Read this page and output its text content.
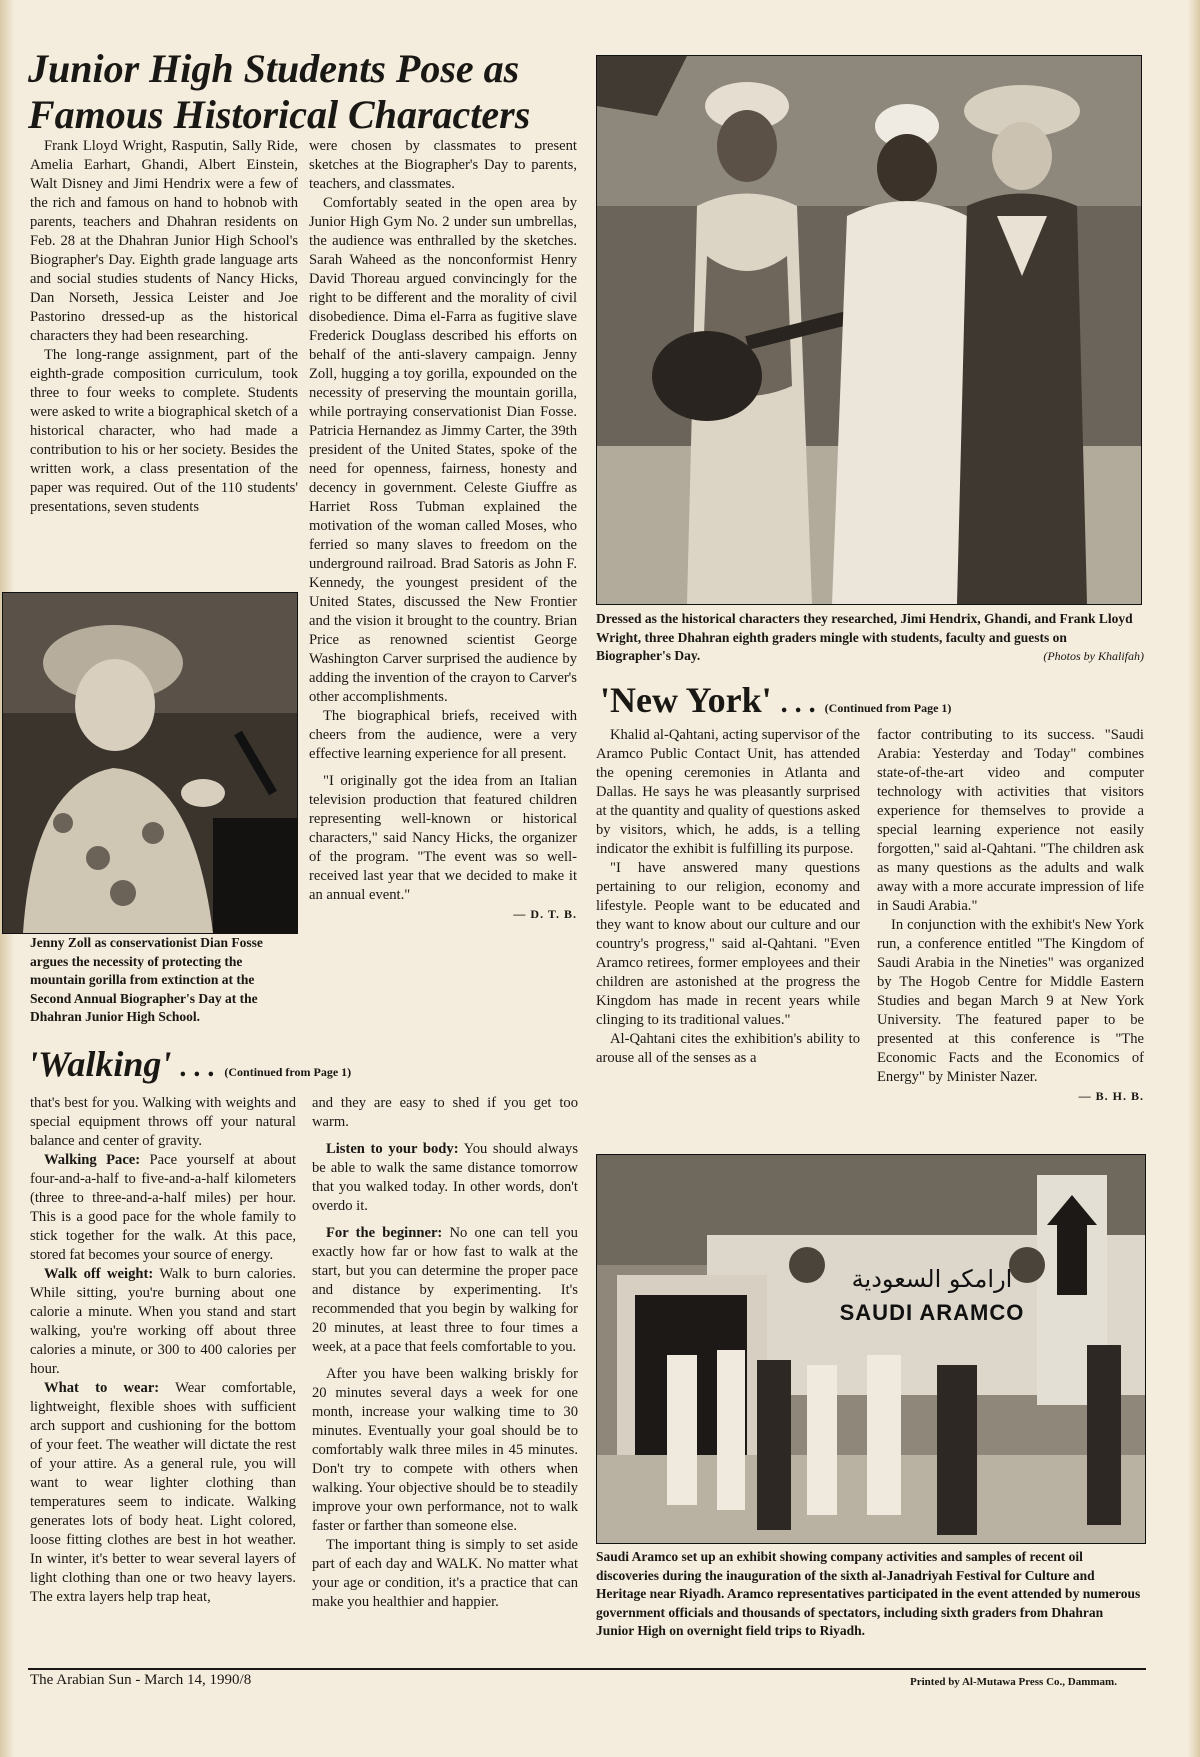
Junior High Students Pose as
Famous Historical Characters

Frank Lloyd Wright, Rasputin, Sally Ride, Amelia Earhart, Ghandi, Albert Einstein, Walt Disney and Jimi Hendrix were a few of the rich and famous on hand to hobnob with parents, teachers and Dhahran residents on Feb. 28 at the Dhahran Junior High School's Biographer's Day. Eighth grade language arts and social studies students of Nancy Hicks, Dan Norseth, Jessica Leister and Joe Pastorino dressed-up as the historical characters they had been researching.

The long-range assignment, part of the eighth-grade composition curriculum, took three to four weeks to complete. Students were asked to write a biographical sketch of a historical character, who had made a contribution to his or her society. Besides the written work, a class presentation of the paper was required. Out of the 110 students' presentations, seven students

were chosen by classmates to present sketches at the Biographer's Day to parents, teachers, and classmates.

Comfortably seated in the open area by Junior High Gym No. 2 under sun umbrellas, the audience was enthralled by the sketches. Sarah Waheed as the nonconformist Henry David Thoreau argued convincingly for the right to be different and the morality of civil disobedience. Dima el-Farra as fugitive slave Frederick Douglass described his efforts on behalf of the anti-slavery campaign. Jenny Zoll, hugging a toy gorilla, expounded on the necessity of preserving the mountain gorilla, while portraying conservationist Dian Fosse. Patricia Hernandez as Jimmy Carter, the 39th president of the United States, spoke of the need for openness, fairness, honesty and decency in government. Celeste Giuffre as Harriet Ross Tubman explained the motivation of the woman called Moses, who ferried so many slaves to freedom on the underground railroad. Brad Satoris as John F. Kennedy, the youngest president of the United States, discussed the New Frontier and the vision it brought to the country. Brian Price as renowned scientist George Washington Carver surprised the audience by adding the invention of the crayon to Carver's other accomplishments.

The biographical briefs, received with cheers from the audience, were a very effective learning experience for all present.

"I originally got the idea from an Italian television production that featured children representing well-known or historical characters," said Nancy Hicks, the organizer of the program. "The event was so well-received last year that we decided to make it an annual event."

— D. T. B.

Jenny Zoll as conservationist Dian Fosse argues the necessity of protecting the mountain gorilla from extinction at the Second Annual Biographer's Day at the Dhahran Junior High School.
Dressed as the historical characters they researched, Jimi Hendrix, Ghandi, and Frank Lloyd Wright, three Dhahran eighth graders mingle with students, faculty and guests on Biographer's Day.	(Photos by Khalifah)
'New York' . . . (Continued from Page 1)

Khalid al-Qahtani, acting supervisor of the Aramco Public Contact Unit, has attended the opening ceremonies in Atlanta and Dallas. He says he was pleasantly surprised at the quantity and quality of questions asked by visitors, which, he adds, is a telling indicator the exhibit is fulfilling its purpose.

"I have answered many questions pertaining to our religion, economy and lifestyle. People want to be educated and they want to know about our culture and our country's progress," said al-Qahtani. "Even Aramco retirees, former employees and their children are astonished at the progress the Kingdom has made in recent years while clinging to its traditional values."

Al-Qahtani cites the exhibition's ability to arouse all of the senses as a

factor contributing to its success. "Saudi Arabia: Yesterday and Today" combines state-of-the-art video and computer technology with activities that visitors experience for themselves to provide a special learning experience not easily forgotten," said al-Qahtani. "The children ask as many questions as the adults and walk away with a more accurate impression of life in Saudi Arabia."

In conjunction with the exhibit's New York run, a conference entitled "The Kingdom of Saudi Arabia in the Nineties" was organized by The Hogob Centre for Middle Eastern Studies and began March 9 at New York University. The featured paper to be presented at this conference is "The Economic Facts and the Economics of Energy" by Minister Nazer.

— B. H. B.

'Walking' . . . (Continued from Page 1)

that's best for you. Walking with weights and special equipment throws off your natural balance and center of gravity.

Walking Pace: Pace yourself at about four-and-a-half to five-and-a-half kilometers (three to three-and-a-half miles) per hour. This is a good pace for the whole family to stick together for the walk. At this pace, stored fat becomes your source of energy.

Walk off weight: Walk to burn calories. While sitting, you're burning about one calorie a minute. When you stand and start walking, you're working off about three calories a minute, or 300 to 400 calories per hour.

What to wear: Wear comfortable, lightweight, flexible shoes with sufficient arch support and cushioning for the bottom of your feet. The weather will dictate the rest of your attire. As a general rule, you will want to wear lighter clothing than temperatures seem to indicate. Walking generates lots of body heat. Light colored, loose fitting clothes are best in hot weather. In winter, it's better to wear several layers of light clothing than one or two heavy layers. The extra layers help trap heat,

and they are easy to shed if you get too warm.

Listen to your body: You should always be able to walk the same distance tomorrow that you walked today. In other words, don't overdo it.

For the beginner: No one can tell you exactly how far or how fast to walk at the start, but you can determine the proper pace and distance by experimenting. It's recommended that you begin by walking for 20 minutes, at least three to four times a week, at a pace that feels comfortable to you.

After you have been walking briskly for 20 minutes several days a week for one month, increase your walking time to 30 minutes. Eventually your goal should be to comfortably walk three miles in 45 minutes. Don't try to compete with others when walking. Your objective should be to steadily improve your own performance, not to walk faster or farther than someone else.

The important thing is simply to set aside part of each day and WALK. No matter what your age or condition, it's a practice that can make you healthier and happier.

ارامكو السعودية
SAUDI ARAMCO
Saudi Aramco set up an exhibit showing company activities and samples of recent oil discoveries during the inauguration of the sixth al-Janadriyah Festival for Culture and Heritage near Riyadh. Aramco representatives participated in the event attended by numerous government officials and thousands of spectators, including sixth graders from Dhahran Junior High on overnight field trips to Riyadh.
The Arabian Sun - March 14, 1990/8	Printed by Al-Mutawa Press Co., Dammam.
